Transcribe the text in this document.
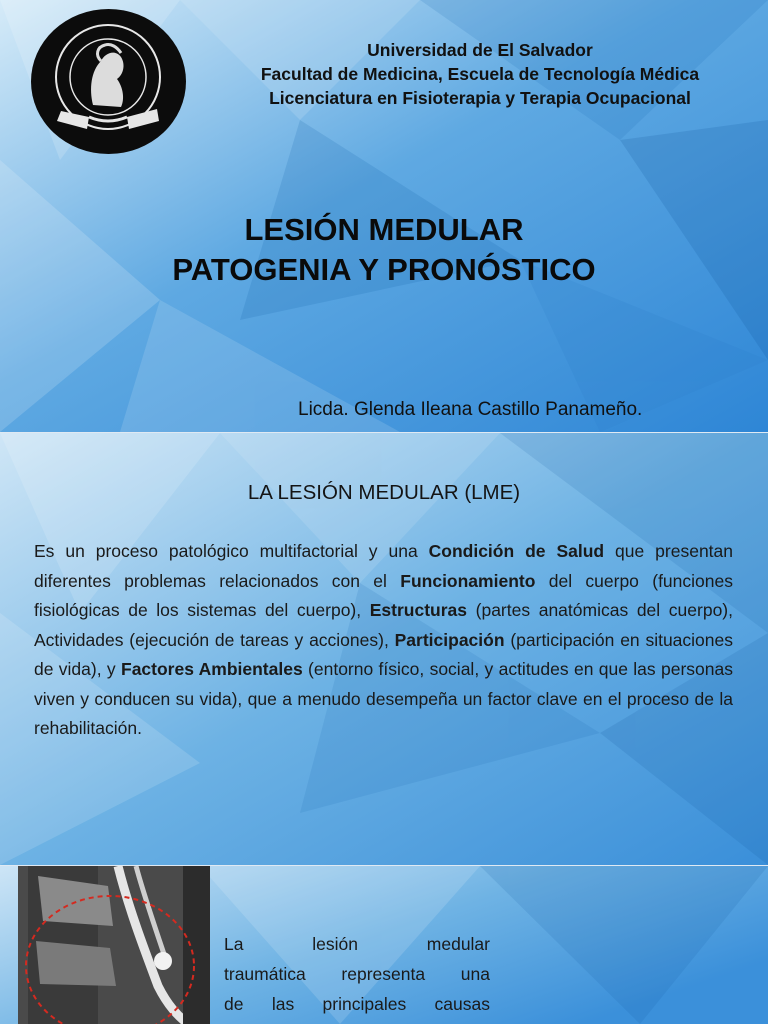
Universidad de El Salvador
Facultad de Medicina, Escuela de Tecnología Médica
Licenciatura en Fisioterapia y Terapia Ocupacional
LESIÓN MEDULAR
PATOGENIA Y PRONÓSTICO
Licda. Glenda Ileana Castillo Panameño.
LA LESIÓN MEDULAR (LME)
Es un proceso patológico multifactorial y una Condición de Salud que presentan diferentes problemas relacionados con el Funcionamiento del cuerpo (funciones fisiológicas de los sistemas del cuerpo), Estructuras (partes anatómicas del cuerpo), Actividades (ejecución de tareas y acciones), Participación (participación en situaciones de vida), y Factores Ambientales (entorno físico, social, y actitudes en que las personas viven y conducen su vida), que a menudo desempeña un factor clave en el proceso de la rehabilitación.
La lesión medular
traumática representa una
de las principales causas
